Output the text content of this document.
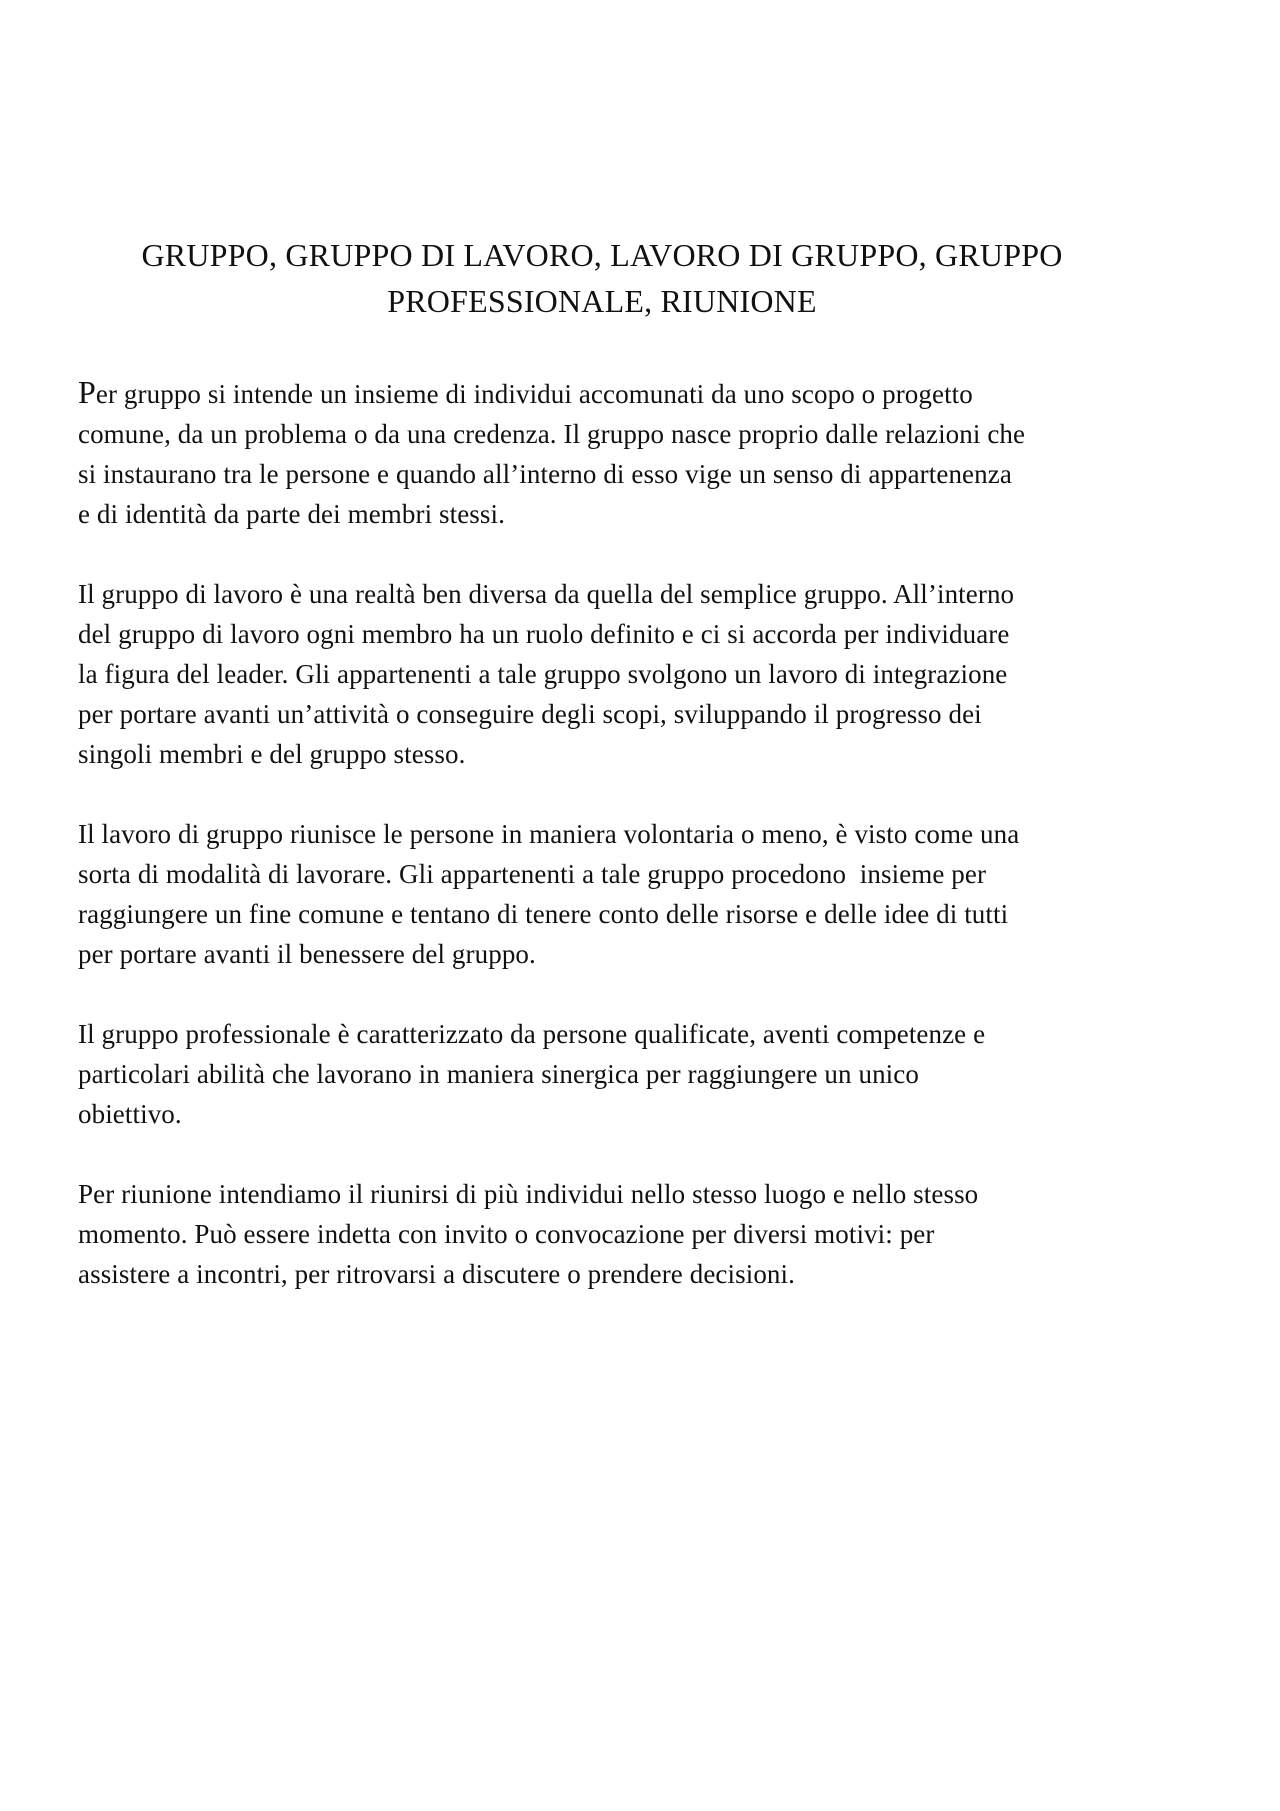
GRUPPO, GRUPPO DI LAVORO, LAVORO DI GRUPPO, GRUPPO
PROFESSIONALE, RIUNIONE

Per gruppo si intende un insieme di individui accomunati da uno scopo o progetto
comune, da un problema o da una credenza. Il gruppo nasce proprio dalle relazioni che
si instaurano tra le persone e quando all’interno di esso vige un senso di appartenenza
e di identità da parte dei membri stessi.

Il gruppo di lavoro è una realtà ben diversa da quella del semplice gruppo. All’interno
del gruppo di lavoro ogni membro ha un ruolo definito e ci si accorda per individuare
la figura del leader. Gli appartenenti a tale gruppo svolgono un lavoro di integrazione
per portare avanti un’attività o conseguire degli scopi, sviluppando il progresso dei
singoli membri e del gruppo stesso.

Il lavoro di gruppo riunisce le persone in maniera volontaria o meno, è visto come una
sorta di modalità di lavorare. Gli appartenenti a tale gruppo procedono  insieme per
raggiungere un fine comune e tentano di tenere conto delle risorse e delle idee di tutti
per portare avanti il benessere del gruppo.

Il gruppo professionale è caratterizzato da persone qualificate, aventi competenze e
particolari abilità che lavorano in maniera sinergica per raggiungere un unico
obiettivo.

Per riunione intendiamo il riunirsi di più individui nello stesso luogo e nello stesso
momento. Può essere indetta con invito o convocazione per diversi motivi: per
assistere a incontri, per ritrovarsi a discutere o prendere decisioni.
